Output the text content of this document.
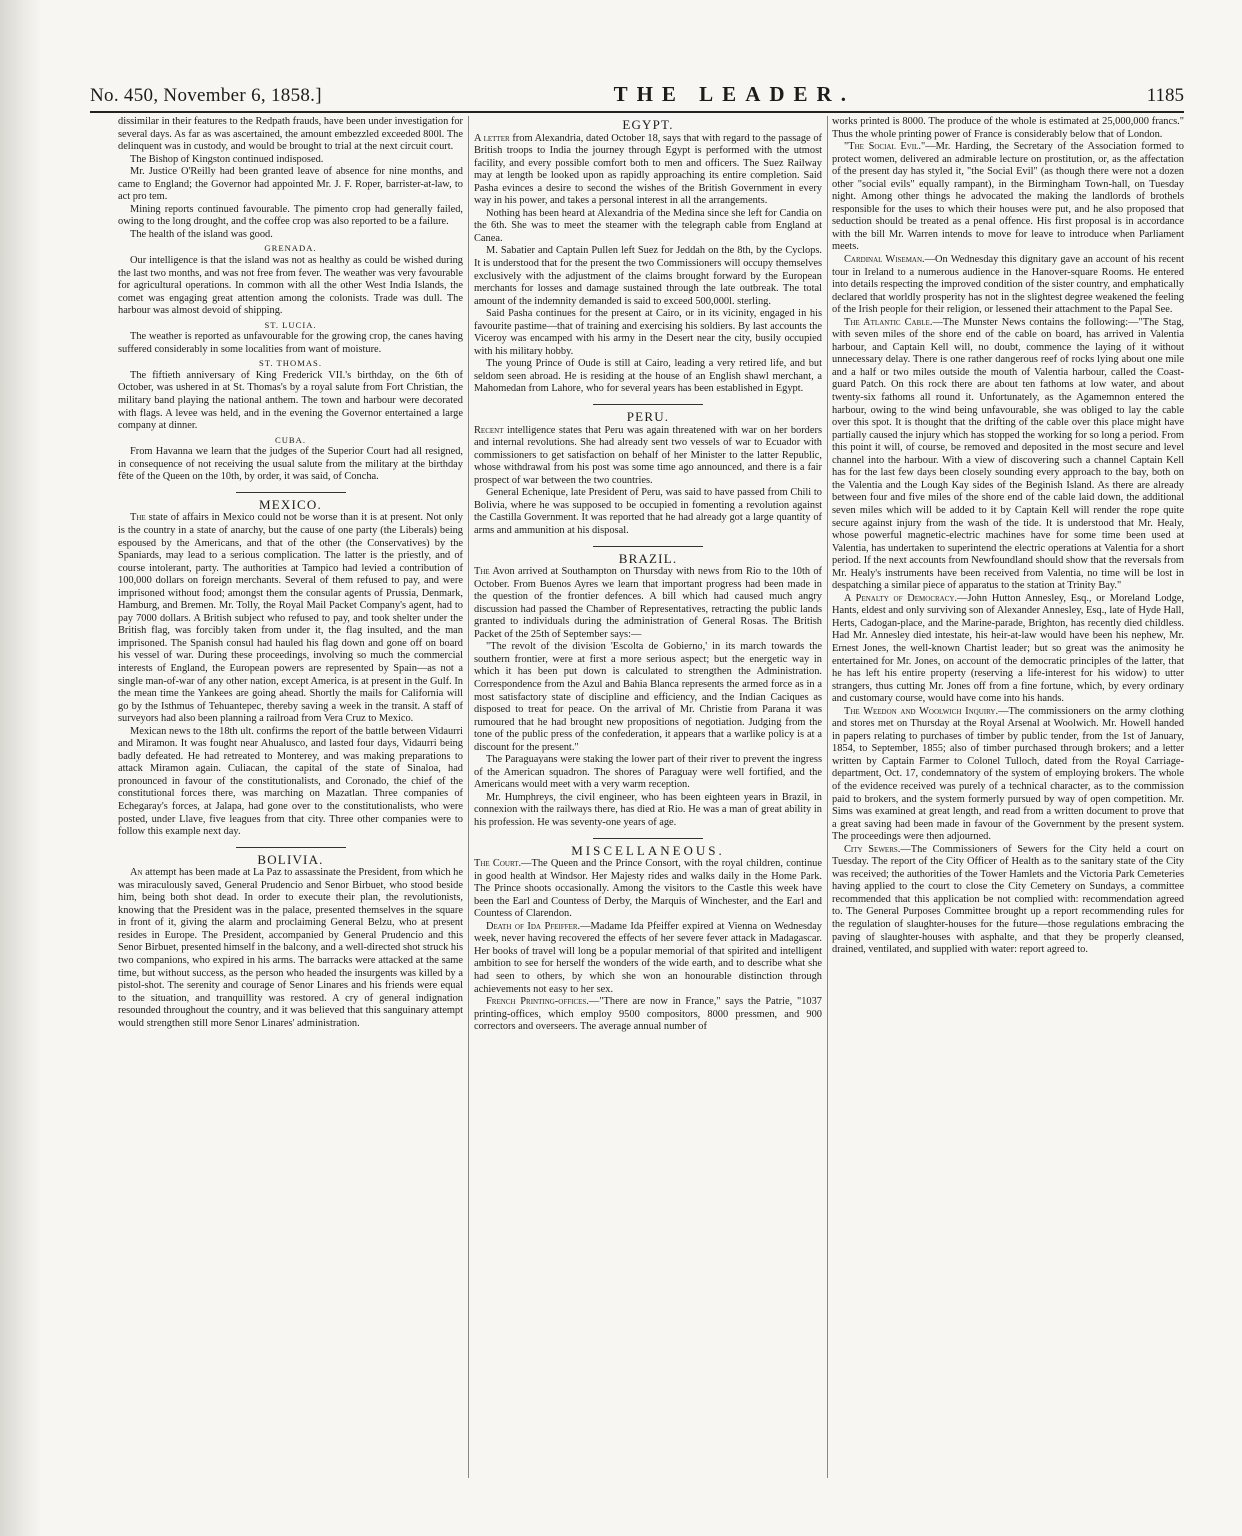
No. 450, November 6, 1858.]	THE LEADER.	1185

dissimilar in their features to the Redpath frauds, have been under investigation for several days. As far as was ascertained, the amount embezzled exceeded 800l. The delinquent was in custody, and would be brought to trial at the next circuit court.

The Bishop of Kingston continued indisposed.

Mr. Justice O'Reilly had been granted leave of absence for nine months, and came to England; the Governor had appointed Mr. J. F. Roper, barrister-at-law, to act pro tem.

Mining reports continued favourable. The pimento crop had generally failed, owing to the long drought, and the coffee crop was also reported to be a failure.

The health of the island was good.

GRENADA.

Our intelligence is that the island was not as healthy as could be wished during the last two months, and was not free from fever. The weather was very favourable for agricultural operations. In common with all the other West India Islands, the comet was engaging great attention among the colonists. Trade was dull. The harbour was almost devoid of shipping.

ST. LUCIA.

The weather is reported as unfavourable for the growing crop, the canes having suffered considerably in some localities from want of moisture.

ST. THOMAS.

The fiftieth anniversary of King Frederick VII.'s birthday, on the 6th of October, was ushered in at St. Thomas's by a royal salute from Fort Christian, the military band playing the national anthem. The town and harbour were decorated with flags. A levee was held, and in the evening the Governor entertained a large company at dinner.

CUBA.

From Havanna we learn that the judges of the Superior Court had all resigned, in consequence of not receiving the usual salute from the military at the birthday fête of the Queen on the 10th, by order, it was said, of Concha.

MEXICO.

The state of affairs in Mexico could not be worse than it is at present. Not only is the country in a state of anarchy, but the cause of one party (the Liberals) being espoused by the Americans, and that of the other (the Conservatives) by the Spaniards, may lead to a serious complication. The latter is the priestly, and of course intolerant, party. The authorities at Tampico had levied a contribution of 100,000 dollars on foreign merchants. Several of them refused to pay, and were imprisoned without food; amongst them the consular agents of Prussia, Denmark, Hamburg, and Bremen. Mr. Tolly, the Royal Mail Packet Company's agent, had to pay 7000 dollars. A British subject who refused to pay, and took shelter under the British flag, was forcibly taken from under it, the flag insulted, and the man imprisoned. The Spanish consul had hauled his flag down and gone off on board his vessel of war. During these proceedings, involving so much the commercial interests of England, the European powers are represented by Spain—as not a single man-of-war of any other nation, except America, is at present in the Gulf. In the mean time the Yankees are going ahead. Shortly the mails for California will go by the Isthmus of Tehuantepec, thereby saving a week in the transit. A staff of surveyors had also been planning a railroad from Vera Cruz to Mexico.

Mexican news to the 18th ult. confirms the report of the battle between Vidaurri and Miramon. It was fought near Ahualusco, and lasted four days, Vidaurri being badly defeated. He had retreated to Monterey, and was making preparations to attack Miramon again. Culiacan, the capital of the state of Sinaloa, had pronounced in favour of the constitutionalists, and Coronado, the chief of the constitutional forces there, was marching on Mazatlan. Three companies of Echegaray's forces, at Jalapa, had gone over to the constitutionalists, who were posted, under Llave, five leagues from that city. Three other companies were to follow this example next day.

BOLIVIA.

An attempt has been made at La Paz to assassinate the President, from which he was miraculously saved, General Prudencio and Senor Birbuet, who stood beside him, being both shot dead. In order to execute their plan, the revolutionists, knowing that the President was in the palace, presented themselves in the square in front of it, giving the alarm and proclaiming General Belzu, who at present resides in Europe. The President, accompanied by General Prudencio and this Senor Birbuet, presented himself in the balcony, and a well-directed shot struck his two companions, who expired in his arms. The barracks were attacked at the same time, but without success, as the person who headed the insurgents was killed by a pistol-shot. The serenity and courage of Senor Linares and his friends were equal to the situation, and tranquillity was restored. A cry of general indignation resounded throughout the country, and it was believed that this sanguinary attempt would strengthen still more Senor Linares' administration.

EGYPT.

A letter from Alexandria, dated October 18, says that with regard to the passage of British troops to India the journey through Egypt is performed with the utmost facility, and every possible comfort both to men and officers. The Suez Railway may at length be looked upon as rapidly approaching its entire completion. Said Pasha evinces a desire to second the wishes of the British Government in every way in his power, and takes a personal interest in all the arrangements.

Nothing has been heard at Alexandria of the Medina since she left for Candia on the 6th. She was to meet the steamer with the telegraph cable from England at Canea.

M. Sabatier and Captain Pullen left Suez for Jeddah on the 8th, by the Cyclops. It is understood that for the present the two Commissioners will occupy themselves exclusively with the adjustment of the claims brought forward by the European merchants for losses and damage sustained through the late outbreak. The total amount of the indemnity demanded is said to exceed 500,000l. sterling.

Said Pasha continues for the present at Cairo, or in its vicinity, engaged in his favourite pastime—that of training and exercising his soldiers. By last accounts the Viceroy was encamped with his army in the Desert near the city, busily occupied with his military hobby.

The young Prince of Oude is still at Cairo, leading a very retired life, and but seldom seen abroad. He is residing at the house of an English shawl merchant, a Mahomedan from Lahore, who for several years has been established in Egypt.

PERU.

Recent intelligence states that Peru was again threatened with war on her borders and internal revolutions. She had already sent two vessels of war to Ecuador with commissioners to get satisfaction on behalf of her Minister to the latter Republic, whose withdrawal from his post was some time ago announced, and there is a fair prospect of war between the two countries.

General Echenique, late President of Peru, was said to have passed from Chili to Bolivia, where he was supposed to be occupied in fomenting a revolution against the Castilla Government. It was reported that he had already got a large quantity of arms and ammunition at his disposal.

BRAZIL.

The Avon arrived at Southampton on Thursday with news from Rio to the 10th of October. From Buenos Ayres we learn that important progress had been made in the question of the frontier defences. A bill which had caused much angry discussion had passed the Chamber of Representatives, retracting the public lands granted to individuals during the administration of General Rosas. The British Packet of the 25th of September says:—

"The revolt of the division 'Escolta de Gobierno,' in its march towards the southern frontier, were at first a more serious aspect; but the energetic way in which it has been put down is calculated to strengthen the Administration. Correspondence from the Azul and Bahia Blanca represents the armed force as in a most satisfactory state of discipline and efficiency, and the Indian Caciques as disposed to treat for peace. On the arrival of Mr. Christie from Parana it was rumoured that he had brought new propositions of negotiation. Judging from the tone of the public press of the confederation, it appears that a warlike policy is at a discount for the present."

The Paraguayans were staking the lower part of their river to prevent the ingress of the American squadron. The shores of Paraguay were well fortified, and the Americans would meet with a very warm reception.

Mr. Humphreys, the civil engineer, who has been eighteen years in Brazil, in connexion with the railways there, has died at Rio. He was a man of great ability in his profession. He was seventy-one years of age.

MISCELLANEOUS.

The Court.—The Queen and the Prince Consort, with the royal children, continue in good health at Windsor. Her Majesty rides and walks daily in the Home Park. The Prince shoots occasionally. Among the visitors to the Castle this week have been the Earl and Countess of Derby, the Marquis of Winchester, and the Earl and Countess of Clarendon.

Death of Ida Pfeiffer.—Madame Ida Pfeiffer expired at Vienna on Wednesday week, never having recovered the effects of her severe fever attack in Madagascar. Her books of travel will long be a popular memorial of that spirited and intelligent ambition to see for herself the wonders of the wide earth, and to describe what she had seen to others, by which she won an honourable distinction through achievements not easy to her sex.

French Printing-offices.—"There are now in France," says the Patrie, "1037 printing-offices, which employ 9500 compositors, 8000 pressmen, and 900 correctors and overseers. The average annual number of

works printed is 8000. The produce of the whole is estimated at 25,000,000 francs." Thus the whole printing power of France is considerably below that of London.

"The Social Evil."—Mr. Harding, the Secretary of the Association formed to protect women, delivered an admirable lecture on prostitution, or, as the affectation of the present day has styled it, "the Social Evil" (as though there were not a dozen other "social evils" equally rampant), in the Birmingham Town-hall, on Tuesday night. Among other things he advocated the making the landlords of brothels responsible for the uses to which their houses were put, and he also proposed that seduction should be treated as a penal offence. His first proposal is in accordance with the bill Mr. Warren intends to move for leave to introduce when Parliament meets.

Cardinal Wiseman.—On Wednesday this dignitary gave an account of his recent tour in Ireland to a numerous audience in the Hanover-square Rooms. He entered into details respecting the improved condition of the sister country, and emphatically declared that worldly prosperity has not in the slightest degree weakened the feeling of the Irish people for their religion, or lessened their attachment to the Papal See.

The Atlantic Cable.—The Munster News contains the following:—"The Stag, with seven miles of the shore end of the cable on board, has arrived in Valentia harbour, and Captain Kell will, no doubt, commence the laying of it without unnecessary delay. There is one rather dangerous reef of rocks lying about one mile and a half or two miles outside the mouth of Valentia harbour, called the Coast-guard Patch. On this rock there are about ten fathoms at low water, and about twenty-six fathoms all round it. Unfortunately, as the Agamemnon entered the harbour, owing to the wind being unfavourable, she was obliged to lay the cable over this spot. It is thought that the drifting of the cable over this place might have partially caused the injury which has stopped the working for so long a period. From this point it will, of course, be removed and deposited in the most secure and level channel into the harbour. With a view of discovering such a channel Captain Kell has for the last few days been closely sounding every approach to the bay, both on the Valentia and the Lough Kay sides of the Beginish Island. As there are already between four and five miles of the shore end of the cable laid down, the additional seven miles which will be added to it by Captain Kell will render the rope quite secure against injury from the wash of the tide. It is understood that Mr. Healy, whose powerful magnetic-electric machines have for some time been used at Valentia, has undertaken to superintend the electric operations at Valentia for a short period. If the next accounts from Newfoundland should show that the reversals from Mr. Healy's instruments have been received from Valentia, no time will be lost in despatching a similar piece of apparatus to the station at Trinity Bay."

A Penalty of Democracy.—John Hutton Annesley, Esq., or Moreland Lodge, Hants, eldest and only surviving son of Alexander Annesley, Esq., late of Hyde Hall, Herts, Cadogan-place, and the Marine-parade, Brighton, has recently died childless. Had Mr. Annesley died intestate, his heir-at-law would have been his nephew, Mr. Ernest Jones, the well-known Chartist leader; but so great was the animosity he entertained for Mr. Jones, on account of the democratic principles of the latter, that he has left his entire property (reserving a life-interest for his widow) to utter strangers, thus cutting Mr. Jones off from a fine fortune, which, by every ordinary and customary course, would have come into his hands.

The Weedon and Woolwich Inquiry.—The commissioners on the army clothing and stores met on Thursday at the Royal Arsenal at Woolwich. Mr. Howell handed in papers relating to purchases of timber by public tender, from the 1st of January, 1854, to September, 1855; also of timber purchased through brokers; and a letter written by Captain Farmer to Colonel Tulloch, dated from the Royal Carriage-department, Oct. 17, condemnatory of the system of employing brokers. The whole of the evidence received was purely of a technical character, as to the commission paid to brokers, and the system formerly pursued by way of open competition. Mr. Sims was examined at great length, and read from a written document to prove that a great saving had been made in favour of the Government by the present system. The proceedings were then adjourned.

City Sewers.—The Commissioners of Sewers for the City held a court on Tuesday. The report of the City Officer of Health as to the sanitary state of the City was received; the authorities of the Tower Hamlets and the Victoria Park Cemeteries having applied to the court to close the City Cemetery on Sundays, a committee recommended that this application be not complied with: recommendation agreed to. The General Purposes Committee brought up a report recommending rules for the regulation of slaughter-houses for the future—those regulations embracing the paving of slaughter-houses with asphalte, and that they be properly cleansed, drained, ventilated, and supplied with water: report agreed to.
